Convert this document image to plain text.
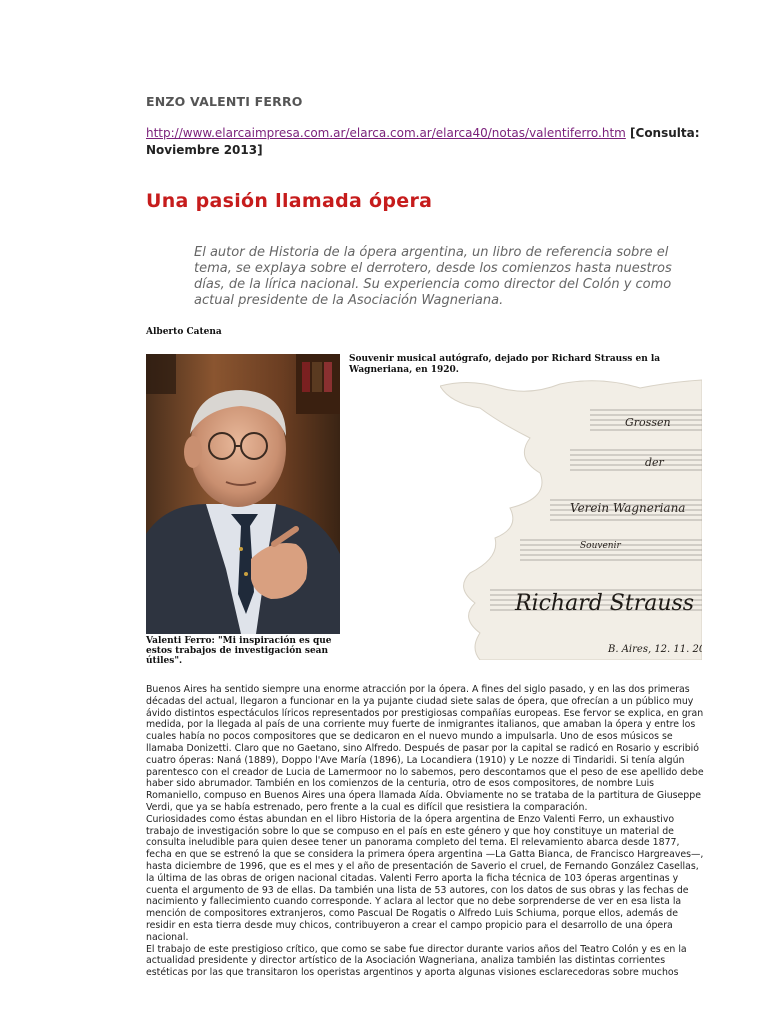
ENZO VALENTI FERRO
http://www.elarcaimpresa.com.ar/elarca.com.ar/elarca40/notas/valentiferro.htm [Consulta: Noviembre 2013]
Una pasión llamada ópera
El autor de Historia de la ópera argentina, un libro de referencia sobre el tema, se explaya sobre el derrotero, desde los comienzos hasta nuestros días, de la lírica nacional. Su experiencia como director del Colón y como actual presidente de la Asociación Wagneriana.
Alberto Catena
Valenti Ferro: "Mi inspiración es que estos trabajos de investigación sean útiles".
Souvenir musical autógrafo, dejado por Richard Strauss en la Wagneriana, en 1920.
Grossen
der
Verein Wagneriana
Souvenir
Richard Strauss
B. Aires, 12. 11. 20.

Buenos Aires ha sentido siempre una enorme atracción por la ópera. A fines del siglo pasado, y en las dos primeras décadas del actual, llegaron a funcionar en la ya pujante ciudad siete salas de ópera, que ofrecían a un público muy ávido distintos espectáculos líricos representados por prestigiosas compañías europeas. Ese fervor se explica, en gran medida, por la llegada al país de una corriente muy fuerte de inmigrantes italianos, que amaban la ópera y entre los cuales había no pocos compositores que se dedicaron en el nuevo mundo a impulsarla. Uno de esos músicos se llamaba Donizetti. Claro que no Gaetano, sino Alfredo. Después de pasar por la capital se radicó en Rosario y escribió cuatro óperas: Naná (1889), Doppo l'Ave María (1896), La Locandiera (1910) y Le nozze di Tindaridi. Si tenía algún parentesco con el creador de Lucia de Lamermoor no lo sabemos, pero descontamos que el peso de ese apellido debe haber sido abrumador. También en los comienzos de la centuria, otro de esos compositores, de nombre Luis Romaniello, compuso en Buenos Aires una ópera llamada Aída. Obviamente no se trataba de la partitura de Giuseppe Verdi, que ya se había estrenado, pero frente a la cual es difícil que resistiera la comparación.

Curiosidades como éstas abundan en el libro Historia de la ópera argentina de Enzo Valenti Ferro, un exhaustivo trabajo de investigación sobre lo que se compuso en el país en este género y que hoy constituye un material de consulta ineludible para quien desee tener un panorama completo del tema. El relevamiento abarca desde 1877, fecha en que se estrenó la que se considera la primera ópera argentina —La Gatta Bianca, de Francisco Hargreaves—, hasta diciembre de 1996, que es el mes y el año de presentación de Saverio el cruel, de Fernando González Casellas, la última de las obras de origen nacional citadas. Valenti Ferro aporta la ficha técnica de 103 óperas argentinas y cuenta el argumento de 93 de ellas. Da también una lista de 53 autores, con los datos de sus obras y las fechas de nacimiento y fallecimiento cuando corresponde. Y aclara al lector que no debe sorprenderse de ver en esa lista la mención de compositores extranjeros, como Pascual De Rogatis o Alfredo Luis Schiuma, porque ellos, además de residir en esta tierra desde muy chicos, contribuyeron a crear el campo propicio para el desarrollo de una ópera nacional.

El trabajo de este prestigioso crítico, que como se sabe fue director durante varios años del Teatro Colón y es en la actualidad presidente y director artístico de la Asociación Wagneriana, analiza también las distintas corrientes estéticas por las que transitaron los operistas argentinos y aporta algunas visiones esclarecedoras sobre muchos
